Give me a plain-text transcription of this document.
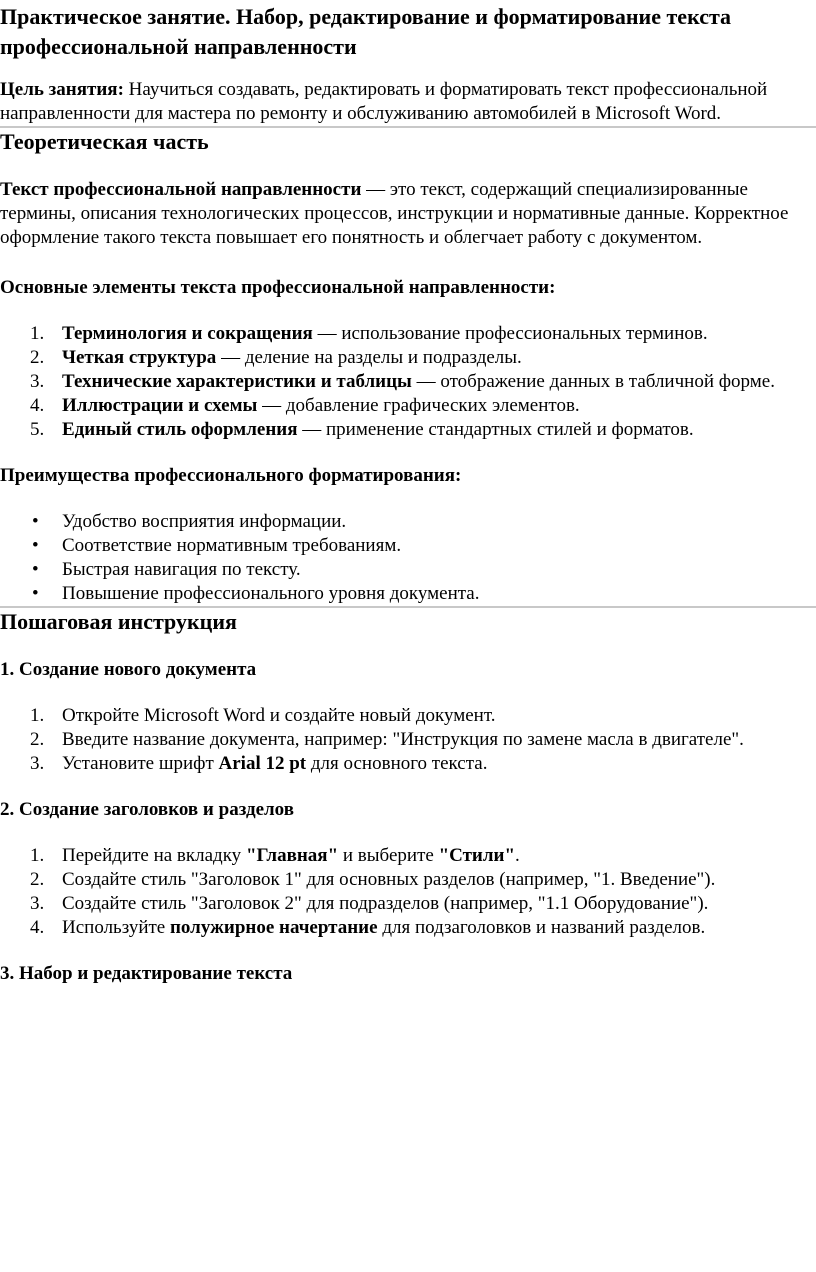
Практическое занятие. Набор, редактирование и форматирование текста
профессиональной направленности

Цель занятия: Научиться создавать, редактировать и форматировать текст профессиональной направленности для мастера по ремонту и обслуживанию автомобилей в Microsoft Word.

Теоретическая часть

Текст профессиональной направленности — это текст, содержащий специализированные термины, описания технологических процессов, инструкции и нормативные данные. Корректное оформление такого текста повышает его понятность и облегчает работу с документом.

Основные элементы текста профессиональной направленности:

1. Терминология и сокращения — использование профессиональных терминов.
2. Четкая структура — деление на разделы и подразделы.
3. Технические характеристики и таблицы — отображение данных в табличной форме.
4. Иллюстрации и схемы — добавление графических элементов.
5. Единый стиль оформления — применение стандартных стилей и форматов.

Преимущества профессионального форматирования:

• Удобство восприятия информации.
• Соответствие нормативным требованиям.
• Быстрая навигация по тексту.
• Повышение профессионального уровня документа.
Пошаговая инструкция

1. Создание нового документа

1. Откройте Microsoft Word и создайте новый документ.
2. Введите название документа, например: "Инструкция по замене масла в двигателе".
3. Установите шрифт Arial 12 pt для основного текста.

2. Создание заголовков и разделов

1. Перейдите на вкладку "Главная" и выберите "Стили".
2. Создайте стиль "Заголовок 1" для основных разделов (например, "1. Введение").
3. Создайте стиль "Заголовок 2" для подразделов (например, "1.1 Оборудование").
4. Используйте полужирное начертание для подзаголовков и названий разделов.

3. Набор и редактирование текста
